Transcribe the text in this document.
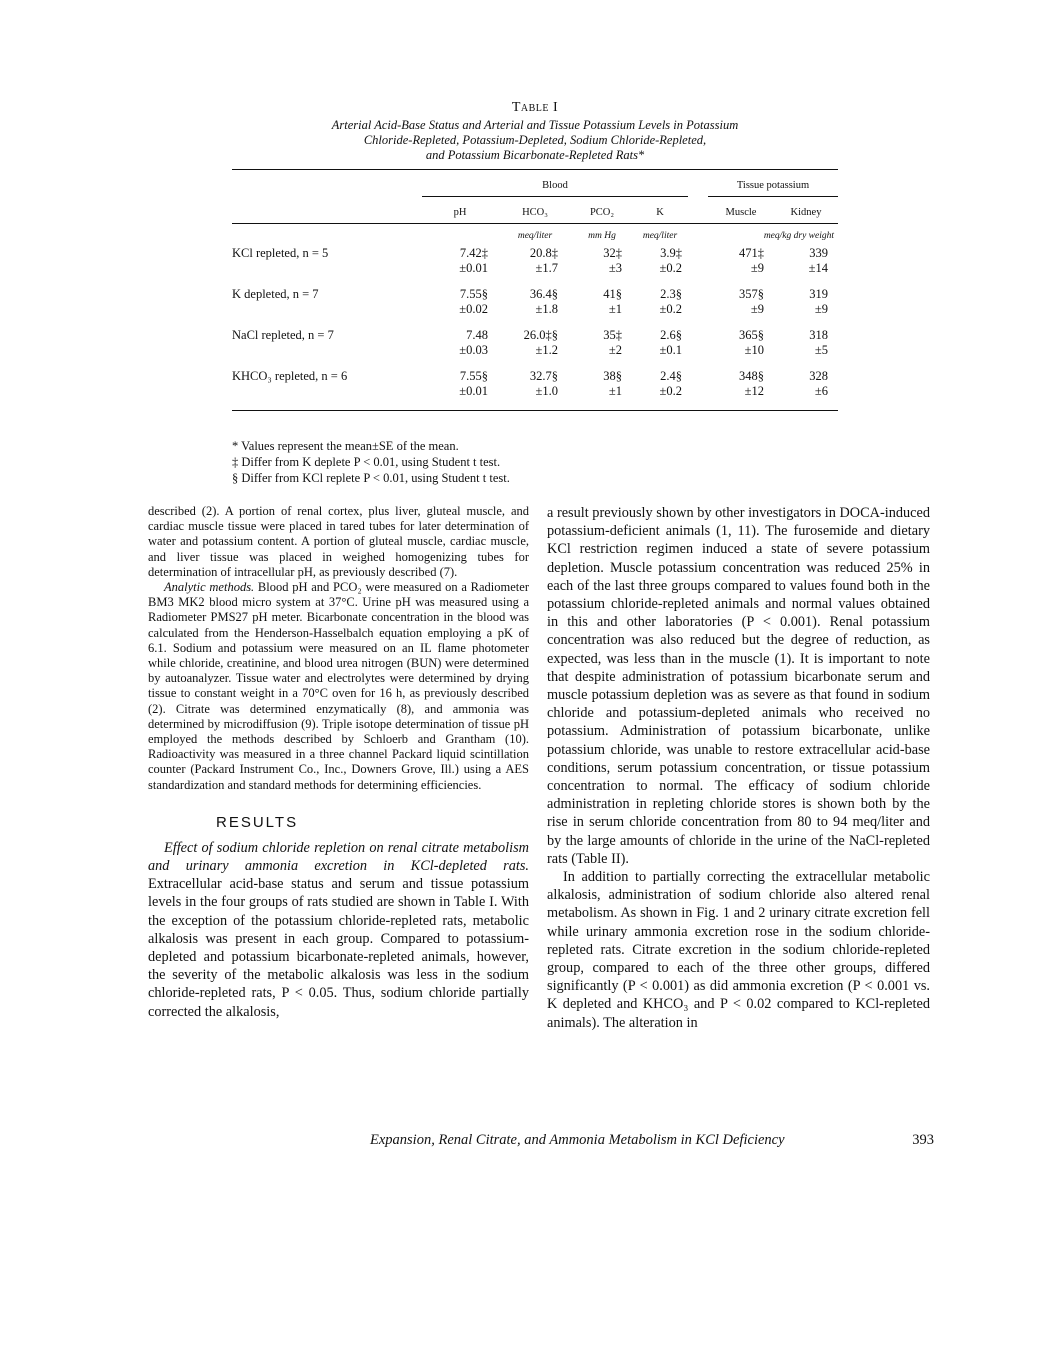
Table I
Arterial Acid-Base Status and Arterial and Tissue Potassium Levels in Potassium
Chloride-Repleted, Potassium-Depleted, Sodium Chloride-Repleted,
and Potassium Bicarbonate-Repleted Rats*

	Blood					Tissue potassium	
	pH	HCO₃	PCO₂	K		Muscle	Kidney
		meq/liter	mm Hg	meq/liter		meq/kg dry weight	
KCl repleted, n = 5	7.42‡	20.8‡	32‡	3.9‡		471‡	339
	±0.01	±1.7	±3	±0.2		±9	±14
K depleted, n = 7	7.55§	36.4§	41§	2.3§		357§	319
	±0.02	±1.8	±1	±0.2		±9	±9
NaCl repleted, n = 7	7.48	26.0‡§	35‡	2.6§		365§	318
	±0.03	±1.2	±2	±0.1		±10	±5
KHCO₃ repleted, n = 6	7.55§	32.7§	38§	2.4§		348§	328
	±0.01	±1.0	±1	±0.2		±12	±6
* Values represent the mean±SE of the mean.
‡ Differ from K deplete P < 0.01, using Student t test.
§ Differ from KCl replete P < 0.01, using Student t test.

described (2). A portion of renal cortex, plus liver, gluteal muscle, and cardiac muscle tissue were placed in tared tubes for later determination of water and potassium content. A portion of gluteal muscle, cardiac muscle, and liver tissue was placed in weighed homogenizing tubes for determination of intracellular pH, as previously described (7).

Analytic methods. Blood pH and PCO₂ were measured on a Radiometer BM3 MK2 blood micro system at 37°C. Urine pH was measured using a Radiometer PMS27 pH meter. Bicarbonate concentration in the blood was calculated from the Henderson-Hasselbalch equation employing a pK of 6.1. Sodium and potassium were measured on an IL flame photometer while chloride, creatinine, and blood urea nitrogen (BUN) were determined by autoanalyzer. Tissue water and electrolytes were determined by drying tissue to constant weight in a 70°C oven for 16 h, as previously described (2). Citrate was determined enzymatically (8), and ammonia was determined by microdiffusion (9). Triple isotope determination of tissue pH employed the methods described by Schloerb and Grantham (10). Radioactivity was measured in a three channel Packard liquid scintillation counter (Packard Instrument Co., Inc., Downers Grove, Ill.) using a AES standardization and standard methods for determining efficiencies.

RESULTS

Effect of sodium chloride repletion on renal citrate metabolism and urinary ammonia excretion in KCl-depleted rats. Extracellular acid-base status and serum and tissue potassium levels in the four groups of rats studied are shown in Table I. With the exception of the potassium chloride-repleted rats, metabolic alkalosis was present in each group. Compared to potassium-depleted and potassium bicarbonate-repleted animals, however, the severity of the metabolic alkalosis was less in the sodium chloride-repleted rats, P < 0.05. Thus, sodium chloride partially corrected the alkalosis,

a result previously shown by other investigators in DOCA-induced potassium-deficient animals (1, 11). The furosemide and dietary KCl restriction regimen induced a state of severe potassium depletion. Muscle potassium concentration was reduced 25% in each of the last three groups compared to values found both in the potassium chloride-repleted animals and normal values obtained in this and other laboratories (P < 0.001). Renal potassium concentration was also reduced but the degree of reduction, as expected, was less than in the muscle (1). It is important to note that despite administration of potassium bicarbonate serum and muscle potassium depletion was as severe as that found in sodium chloride and potassium-depleted animals who received no potassium. Administration of potassium bicarbonate, unlike potassium chloride, was unable to restore extracellular acid-base conditions, serum potassium concentration, or tissue potassium concentration to normal. The efficacy of sodium chloride administration in repleting chloride stores is shown both by the rise in serum chloride concentration from 80 to 94 meq/liter and by the large amounts of chloride in the urine of the NaCl-repleted rats (Table II).

In addition to partially correcting the extracellular metabolic alkalosis, administration of sodium chloride also altered renal metabolism. As shown in Fig. 1 and 2 urinary citrate excretion fell while urinary ammonia excretion rose in the sodium chloride-repleted rats. Citrate excretion in the sodium chloride-repleted group, compared to each of the three other groups, differed significantly (P < 0.001) as did ammonia excretion (P < 0.001 vs. K depleted and KHCO₃ and P < 0.02 compared to KCl-repleted animals). The alteration in

Expansion, Renal Citrate, and Ammonia Metabolism in KCl Deficiency	393
